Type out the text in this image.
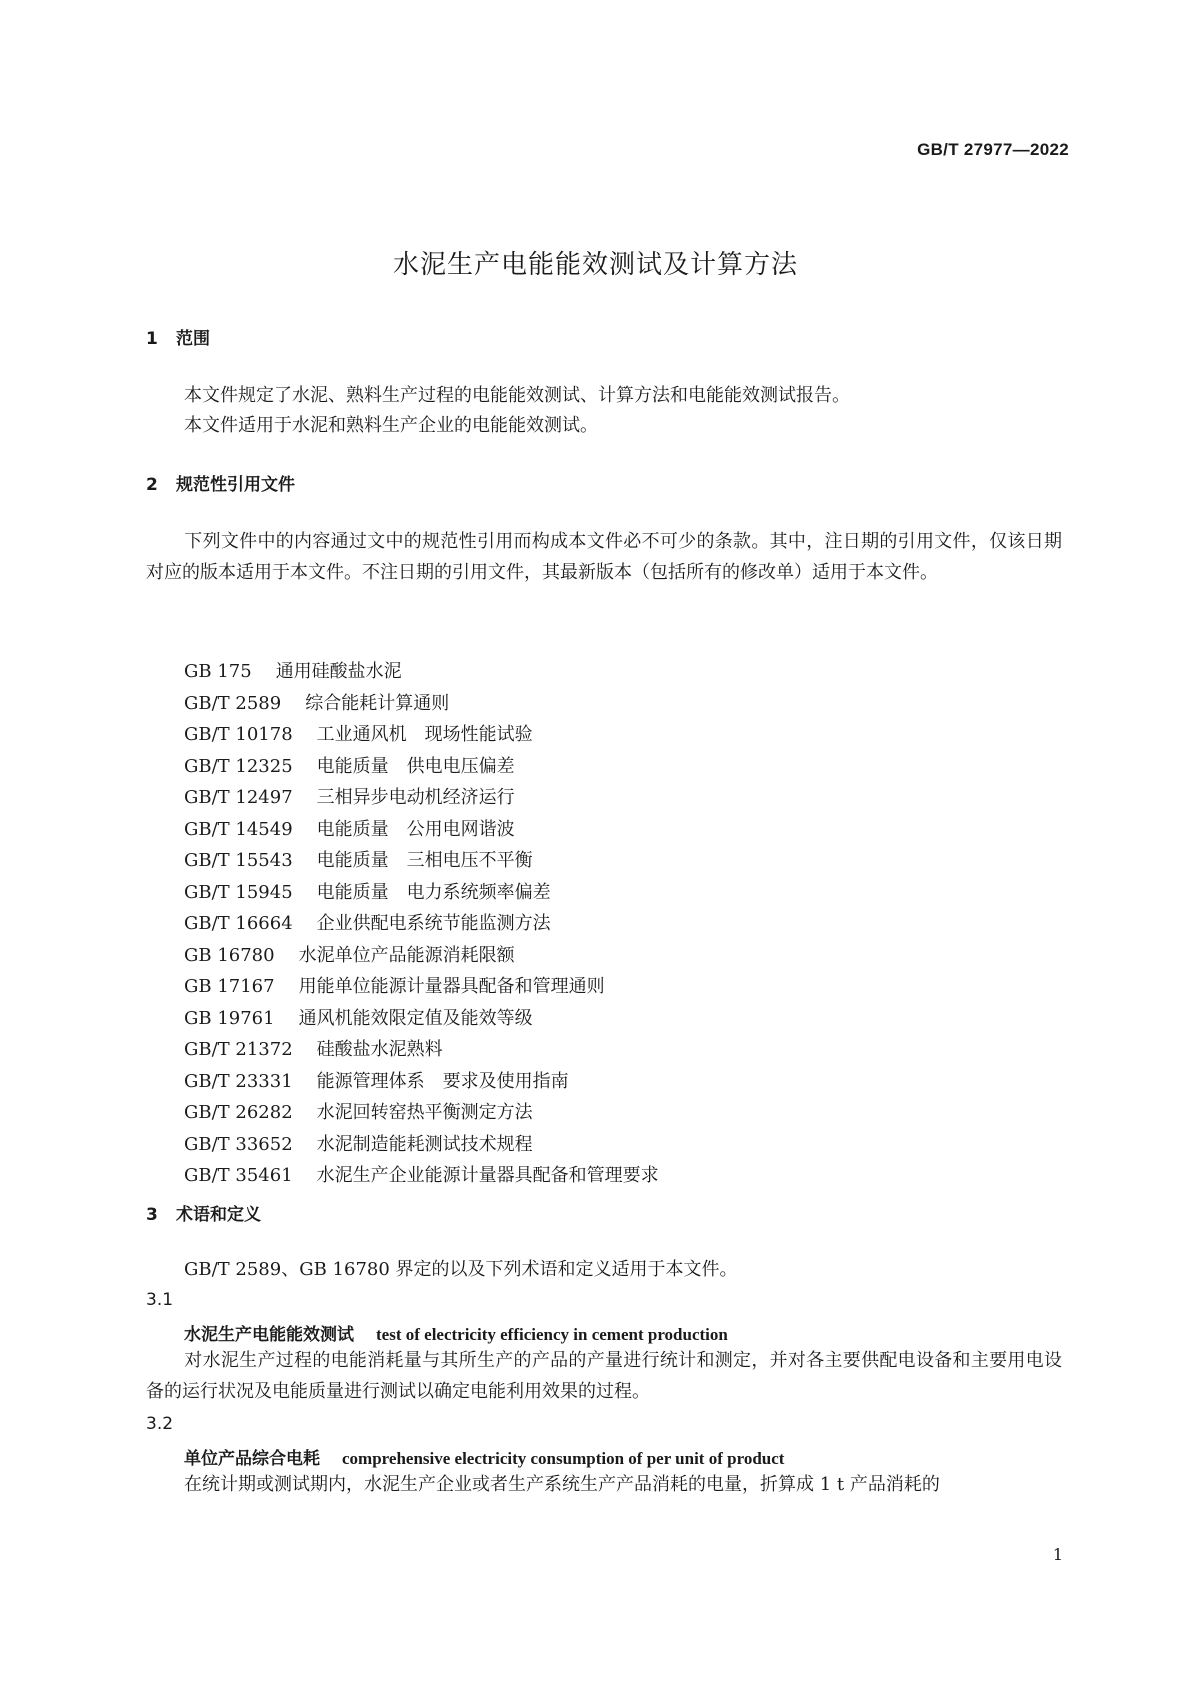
GB/T 27977—2022
水泥生产电能能效测试及计算方法
1 范围
本文件规定了水泥、熟料生产过程的电能能效测试、计算方法和电能能效测试报告。
本文件适用于水泥和熟料生产企业的电能能效测试。
2 规范性引用文件
下列文件中的内容通过文中的规范性引用而构成本文件必不可少的条款。其中，注日期的引用文件，仅该日期对应的版本适用于本文件。不注日期的引用文件，其最新版本（包括所有的修改单）适用于本文件。
GB 175 通用硅酸盐水泥
GB/T 2589 综合能耗计算通则
GB/T 10178 工业通风机　现场性能试验
GB/T 12325 电能质量　供电电压偏差
GB/T 12497 三相异步电动机经济运行
GB/T 14549 电能质量　公用电网谐波
GB/T 15543 电能质量　三相电压不平衡
GB/T 15945 电能质量　电力系统频率偏差
GB/T 16664 企业供配电系统节能监测方法
GB 16780 水泥单位产品能源消耗限额
GB 17167 用能单位能源计量器具配备和管理通则
GB 19761 通风机能效限定值及能效等级
GB/T 21372 硅酸盐水泥熟料
GB/T 23331 能源管理体系　要求及使用指南
GB/T 26282 水泥回转窑热平衡测定方法
GB/T 33652 水泥制造能耗测试技术规程
GB/T 35461 水泥生产企业能源计量器具配备和管理要求
3 术语和定义
GB/T 2589、GB 16780 界定的以及下列术语和定义适用于本文件。
3.1
水泥生产电能能效测试 test of electricity efficiency in cement production
对水泥生产过程的电能消耗量与其所生产的产品的产量进行统计和测定，并对各主要供配电设备和主要用电设备的运行状况及电能质量进行测试以确定电能利用效果的过程。
3.2
单位产品综合电耗 comprehensive electricity consumption of per unit of product
在统计期或测试期内，水泥生产企业或者生产系统生产产品消耗的电量，折算成 1 t 产品消耗的
1
